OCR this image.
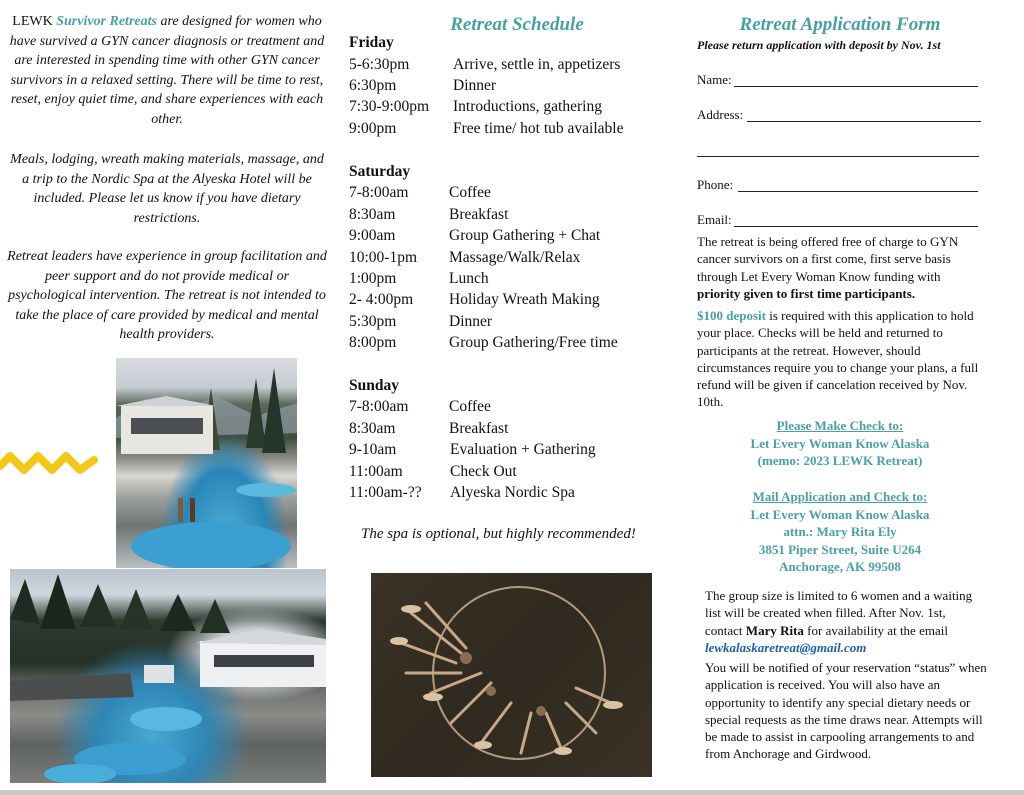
LEWK Survivor Retreats are designed for women who have survived a GYN cancer diagnosis or treatment and are interested in spending time with other GYN cancer survivors in a relaxed setting. There will be time to rest, reset, enjoy quiet time, and share experiences with each other.

Meals, lodging, wreath making materials, massage, and a trip to the Nordic Spa at the Alyeska Hotel will be included. Please let us know if you have dietary restrictions.

Retreat leaders have experience in group facilitation and peer support and do not provide medical or psychological intervention. The retreat is not intended to take the place of care provided by medical and mental health providers.

Retreat Schedule
Friday
5-6:30pm	Arrive, settle in, appetizers
6:30pm	Dinner
7:30-9:00pm Introductions, gathering
9:00pm	Free time/ hot tub available
Saturday
7-8:00am	Coffee
8:30am	Breakfast
9:00am	Group Gathering + Chat
10:00-1pm Massage/Walk/Relax
1:00pm	Lunch
2- 4:00pm Holiday Wreath Making
5:30pm	Dinner
8:00pm	Group Gathering/Free time
Sunday
7-8:00am	Coffee
8:30am	Breakfast
9-10am	Evaluation + Gathering
11:00am	Check Out
11:00am-?? Alyeska Nordic Spa
The spa is optional, but highly recommended!
Retreat Application Form
Please return application with deposit by Nov. 1st
Name:
Address:
Phone:
Email:

The retreat is being offered free of charge to GYN cancer survivors on a first come, first serve basis through Let Every Woman Know funding with priority given to first time participants.

$100 deposit is required with this application to hold your place. Checks will be held and returned to participants at the retreat. However, should circumstances require you to change your plans, a full refund will be given if cancelation received by Nov. 10th.

Please Make Check to:
Let Every Woman Know Alaska
(memo: 2023 LEWK Retreat)

Mail Application and Check to:
Let Every Woman Know Alaska
attn.: Mary Rita Ely
3851 Piper Street, Suite U264
Anchorage, AK 99508

The group size is limited to 6 women and a waiting list will be created when filled. After Nov. 1st, contact Mary Rita for availability at the email
lewkalaskaretreat@gmail.com

You will be notified of your reservation “status” when application is received. You will also have an opportunity to identify any special dietary needs or special requests as the time draws near. Attempts will be made to assist in carpooling arrangements to and from Anchorage and Girdwood.
